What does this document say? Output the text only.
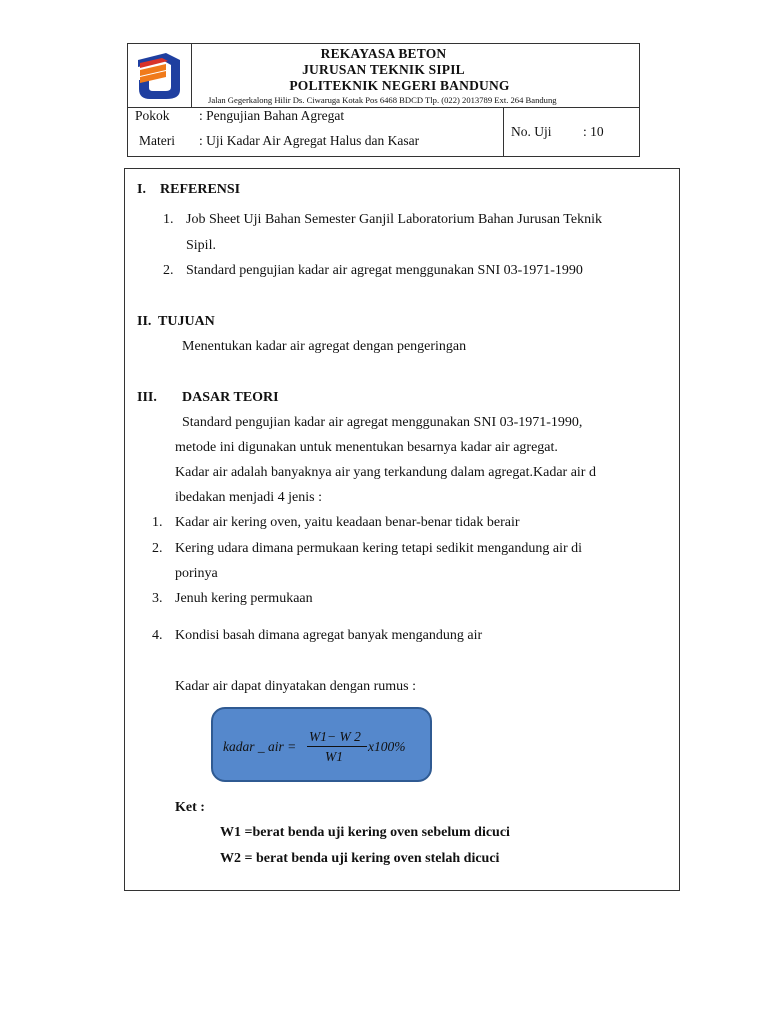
REKAYASA BETON
JURUSAN TEKNIK SIPIL
POLITEKNIK NEGERI BANDUNG
Jalan Gegerkalong Hilir Ds. Ciwaruga Kotak Pos 6468 BDCD Tlp. (022) 2013789 Ext. 264 Bandung
Pokok : Pengujian Bahan Agregat
Materi : Uji Kadar Air Agregat Halus dan Kasar
No. Uji : 10
I. REFERENSI
1. Job Sheet Uji Bahan Semester Ganjil Laboratorium Bahan Jurusan Teknik
Sipil.
2. Standard pengujian kadar air agregat menggunakan SNI 03-1971-1990
II. TUJUAN
Menentukan kadar air agregat dengan pengeringan
III. DASAR TEORI
Standard pengujian kadar air agregat menggunakan SNI 03-1971-1990,
metode ini digunakan untuk menentukan besarnya kadar air agregat.
Kadar air adalah banyaknya air yang terkandung dalam agregat.Kadar air d
ibedakan menjadi 4 jenis :
1. Kadar air kering oven, yaitu keadaan benar-benar tidak berair
2. Kering udara dimana permukaan kering tetapi sedikit mengandung air di
porinya
3. Jenuh kering permukaan
4. Kondisi basah dimana agregat banyak mengandung air
Kadar air dapat dinyatakan dengan rumus :
kadar _ air =
W1− W 2
W1
x100%
Ket :
W1 =berat benda uji kering oven sebelum dicuci
W2 = berat benda uji kering oven stelah dicuci
